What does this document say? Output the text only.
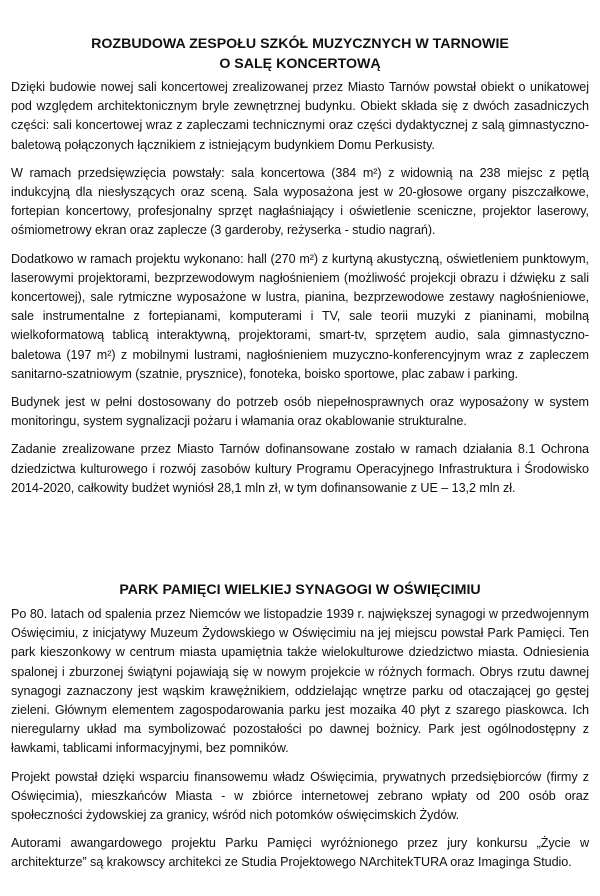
ROZBUDOWA ZESPOŁU SZKÓŁ MUZYCZNYCH W TARNOWIE
O SALĘ KONCERTOWĄ

Dzięki budowie nowej sali koncertowej zrealizowanej przez Miasto Tarnów powstał obiekt o unikatowej pod względem architektonicznym bryle zewnętrznej budynku. Obiekt składa się z dwóch zasadniczych części: sali koncertowej wraz z zapleczami technicznymi oraz części dydaktycznej z salą gimnastyczno-baletową połączonych łącznikiem z istniejącym budynkiem Domu Perkusisty.

W ramach przedsięwzięcia powstały: sala koncertowa (384 m²) z widownią na 238 miejsc z pętlą indukcyjną dla niesłyszących oraz sceną. Sala wyposażona jest w 20-głosowe organy piszczałkowe, fortepian koncertowy, profesjonalny sprzęt nagłaśniający i oświetlenie sceniczne, projektor laserowy, ośmiometrowy ekran oraz zaplecze (3 garderoby, reżyserka - studio nagrań).

Dodatkowo w ramach projektu wykonano: hall (270 m²) z kurtyną akustyczną, oświetleniem punktowym, laserowymi projektorami, bezprzewodowym nagłośnieniem (możliwość projekcji obrazu i dźwięku z sali koncertowej), sale rytmiczne wyposażone w lustra, pianina, bezprzewodowe zestawy nagłośnieniowe, sale instrumentalne z fortepianami, komputerami i TV, sale teorii muzyki z pianinami, mobilną wielkoformatową tablicą interaktywną, projektorami, smart-tv, sprzętem audio, sala gimnastyczno-baletowa (197 m²) z mobilnymi lustrami, nagłośnieniem muzyczno-konferencyjnym wraz z zapleczem sanitarno-szatniowym (szatnie, prysznice), fonoteka, boisko sportowe, plac zabaw i parking.

Budynek jest w pełni dostosowany do potrzeb osób niepełnosprawnych oraz wyposażony w system monitoringu, system sygnalizacji pożaru i włamania oraz okablowanie strukturalne.

Zadanie zrealizowane przez Miasto Tarnów dofinansowane zostało w ramach działania 8.1 Ochrona dziedzictwa kulturowego i rozwój zasobów kultury Programu Operacyjnego Infrastruktura i Środowisko 2014-2020, całkowity budżet wyniósł 28,1 mln zł, w tym dofinansowanie z UE – 13,2 mln zł.

PARK PAMIĘCI WIELKIEJ SYNAGOGI W OŚWIĘCIMIU

Po 80. latach od spalenia przez Niemców we listopadzie 1939 r. największej synagogi w przedwojennym Oświęcimiu, z inicjatywy Muzeum Żydowskiego w Oświęcimiu na jej miejscu powstał Park Pamięci. Ten park kieszonkowy w centrum miasta upamiętnia także wielokulturowe dziedzictwo miasta. Odniesienia spalonej i zburzonej świątyni pojawiają się w nowym projekcie w różnych formach. Obrys rzutu dawnej synagogi zaznaczony jest wąskim krawężnikiem, oddzielając wnętrze parku od otaczającej go gęstej zieleni. Głównym elementem zagospodarowania parku jest mozaika 40 płyt z szarego piaskowca. Ich nieregularny układ ma symbolizować pozostałości po dawnej bożnicy. Park jest ogólnodostępny z ławkami, tablicami informacyjnymi, bez pomników.

Projekt powstał dzięki wsparciu finansowemu władz Oświęcimia, prywatnych przedsiębiorców (firmy z Oświęcimia), mieszkańców Miasta - w zbiórce internetowej zebrano wpłaty od 200 osób oraz społeczności żydowskiej za granicy, wśród nich potomków oświęcimskich Żydów.

Autorami awangardowego projektu Parku Pamięci wyróżnionego przez jury konkursu „Życie w architekturze” są krakowscy architekci ze Studia Projektowego NArchitekTURA oraz Imaginga Studio.
